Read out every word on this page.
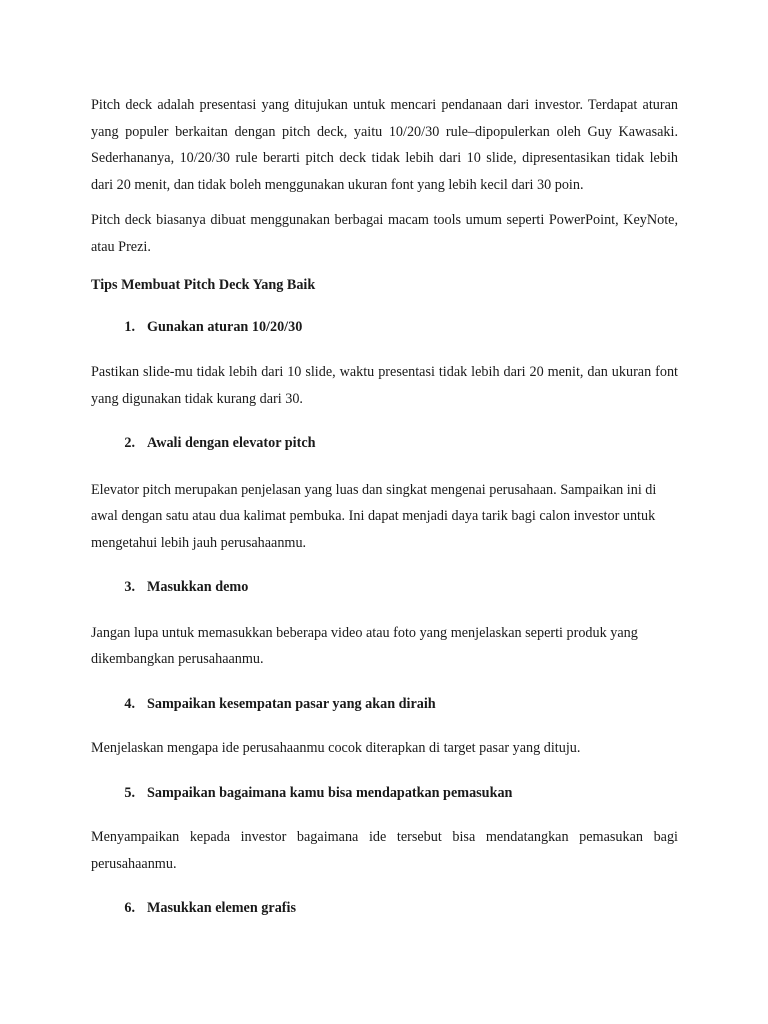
Pitch deck adalah presentasi yang ditujukan untuk mencari pendanaan dari investor. Terdapat aturan yang populer berkaitan dengan pitch deck, yaitu 10/20/30 rule–dipopulerkan oleh Guy Kawasaki. Sederhananya, 10/20/30 rule berarti pitch deck tidak lebih dari 10 slide, dipresentasikan tidak lebih dari 20 menit, dan tidak boleh menggunakan ukuran font yang lebih kecil dari 30 poin.

Pitch deck biasanya dibuat menggunakan berbagai macam tools umum seperti PowerPoint, KeyNote, atau Prezi.

Tips Membuat Pitch Deck Yang Baik

1. Gunakan aturan 10/20/30

Pastikan slide-mu tidak lebih dari 10 slide, waktu presentasi tidak lebih dari 20 menit, dan ukuran font yang digunakan tidak kurang dari 30.

2. Awali dengan elevator pitch

Elevator pitch merupakan penjelasan yang luas dan singkat mengenai perusahaan. Sampaikan ini di awal dengan satu atau dua kalimat pembuka. Ini dapat menjadi daya tarik bagi calon investor untuk mengetahui lebih jauh perusahaanmu.

3. Masukkan demo

Jangan lupa untuk memasukkan beberapa video atau foto yang menjelaskan seperti produk yang dikembangkan perusahaanmu.

4. Sampaikan kesempatan pasar yang akan diraih

Menjelaskan mengapa ide perusahaanmu cocok diterapkan di target pasar yang dituju.

5. Sampaikan bagaimana kamu bisa mendapatkan pemasukan

Menyampaikan kepada investor bagaimana ide tersebut bisa mendatangkan pemasukan bagi perusahaanmu.

6. Masukkan elemen grafis
